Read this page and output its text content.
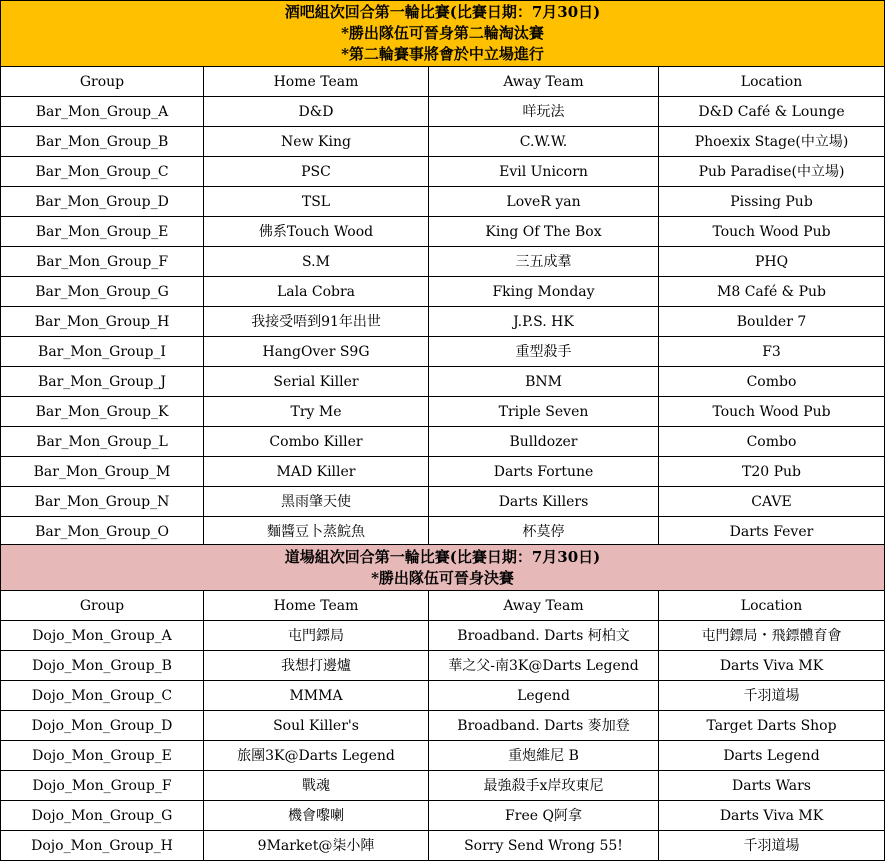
酒吧組次回合第一輪比賽(比賽日期：7月30日)
*勝出隊伍可晉身第二輪淘汰賽
*第二輪賽事將會於中立場進行			

Group	Home Team	Away Team	Location
Bar_Mon_Group_A	D&D	咩玩法	D&D Café & Lounge
Bar_Mon_Group_B	New King	C.W.W.	Phoexix Stage(中立場)
Bar_Mon_Group_C	PSC	Evil Unicorn	Pub Paradise(中立場)
Bar_Mon_Group_D	TSL	LoveR yan	Pissing Pub
Bar_Mon_Group_E	佛系Touch Wood	King Of The Box	Touch Wood Pub
Bar_Mon_Group_F	S.M	三五成羣	PHQ
Bar_Mon_Group_G	Lala Cobra	Fking Monday	M8 Café & Pub
Bar_Mon_Group_H	我接受唔到91年出世	J.P.S. HK	Boulder 7
Bar_Mon_Group_I	HangOver S9G	重型殺手	F3
Bar_Mon_Group_J	Serial Killer	BNM	Combo
Bar_Mon_Group_K	Try Me	Triple Seven	Touch Wood Pub
Bar_Mon_Group_L	Combo Killer	Bulldozer	Combo
Bar_Mon_Group_M	MAD Killer	Darts Fortune	T20 Pub
Bar_Mon_Group_N	黑雨肇天使	Darts Killers	CAVE
Bar_Mon_Group_O	麵醬豆卜蒸鯇魚	杯莫停	Darts Fever
道場組次回合第一輪比賽(比賽日期：7月30日)
*勝出隊伍可晉身決賽			

Group	Home Team	Away Team	Location
Dojo_Mon_Group_A	屯門鏢局	Broadband. Darts 柯柏文	屯門鏢局・飛鏢體育會
Dojo_Mon_Group_B	我想打邊爐	華之父-南3K@Darts Legend	Darts Viva MK
Dojo_Mon_Group_C	MMMA	Legend	千羽道場
Dojo_Mon_Group_D	Soul Killer's	Broadband. Darts 麥加登	Target Darts Shop
Dojo_Mon_Group_E	旅團3K@Darts Legend	重炮維尼 B	Darts Legend
Dojo_Mon_Group_F	戰魂	最強殺手x岸玫東尼	Darts Wars
Dojo_Mon_Group_G	機會嚟喇	Free Q阿拿	Darts Viva MK
Dojo_Mon_Group_H	9Market@柒小陣	Sorry Send Wrong 55!	千羽道場
